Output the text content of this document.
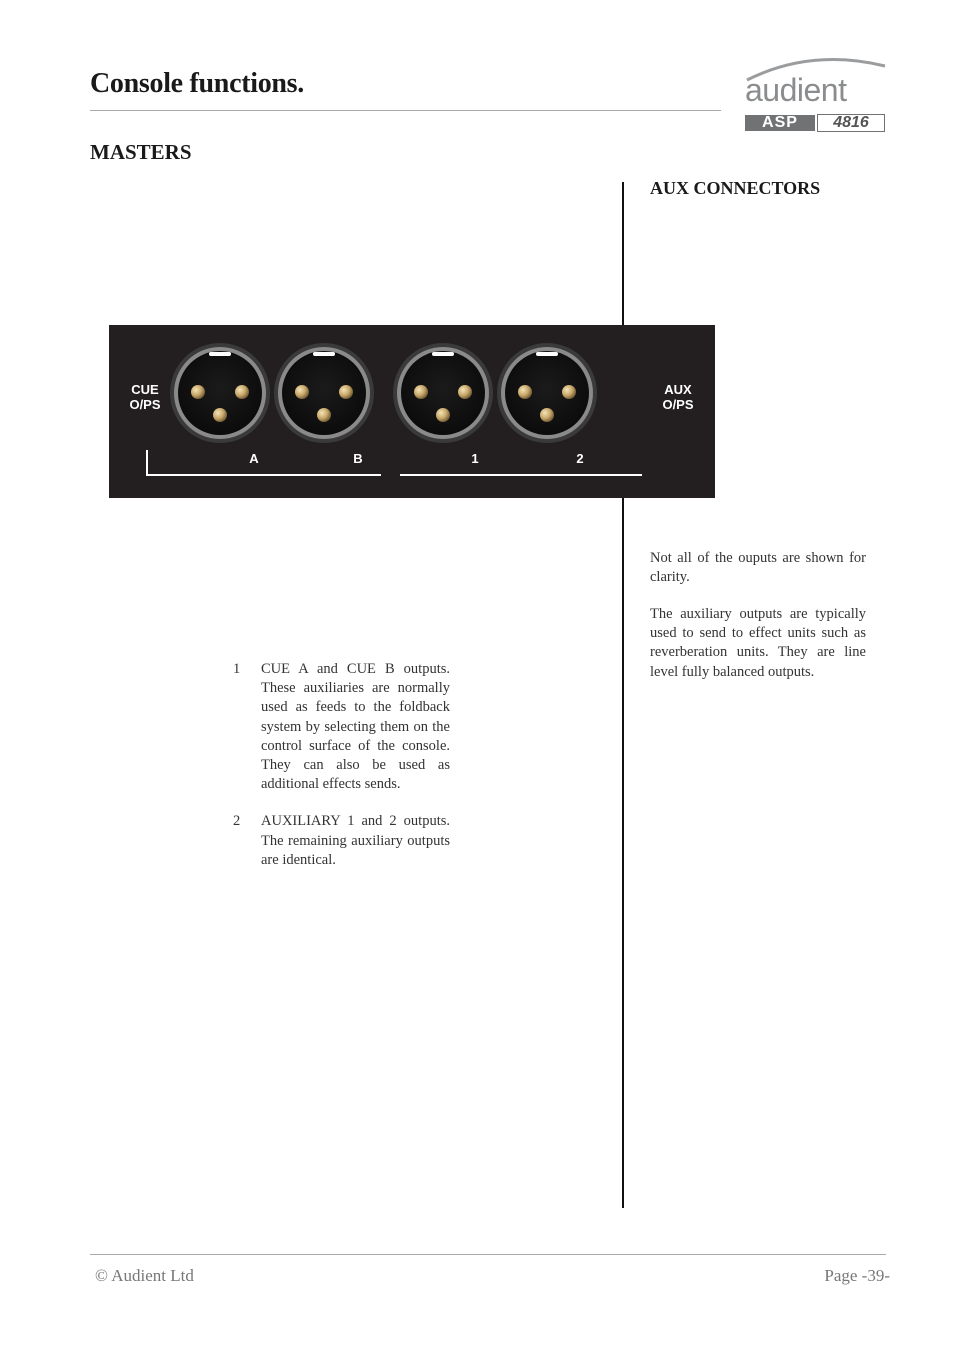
Console functions.	audient
ASP	4816
MASTERS
AUX CONNECTORS
CUE
O/PS
AUX
O/PS
A	B	1	2
1	CUE A and CUE B outputs. These auxiliaries are normally used as feeds to the foldback system by selecting them on the control surface of the console. They can also be used as additional effects sends.
2	AUXILIARY 1 and 2 outputs. The remaining auxiliary outputs are identical.
Not all of the ouputs are shown for clarity.
The auxiliary outputs are typically used to send to effect units such as reverberation units. They are line level fully balanced outputs.
© Audient Ltd	Page -39-
